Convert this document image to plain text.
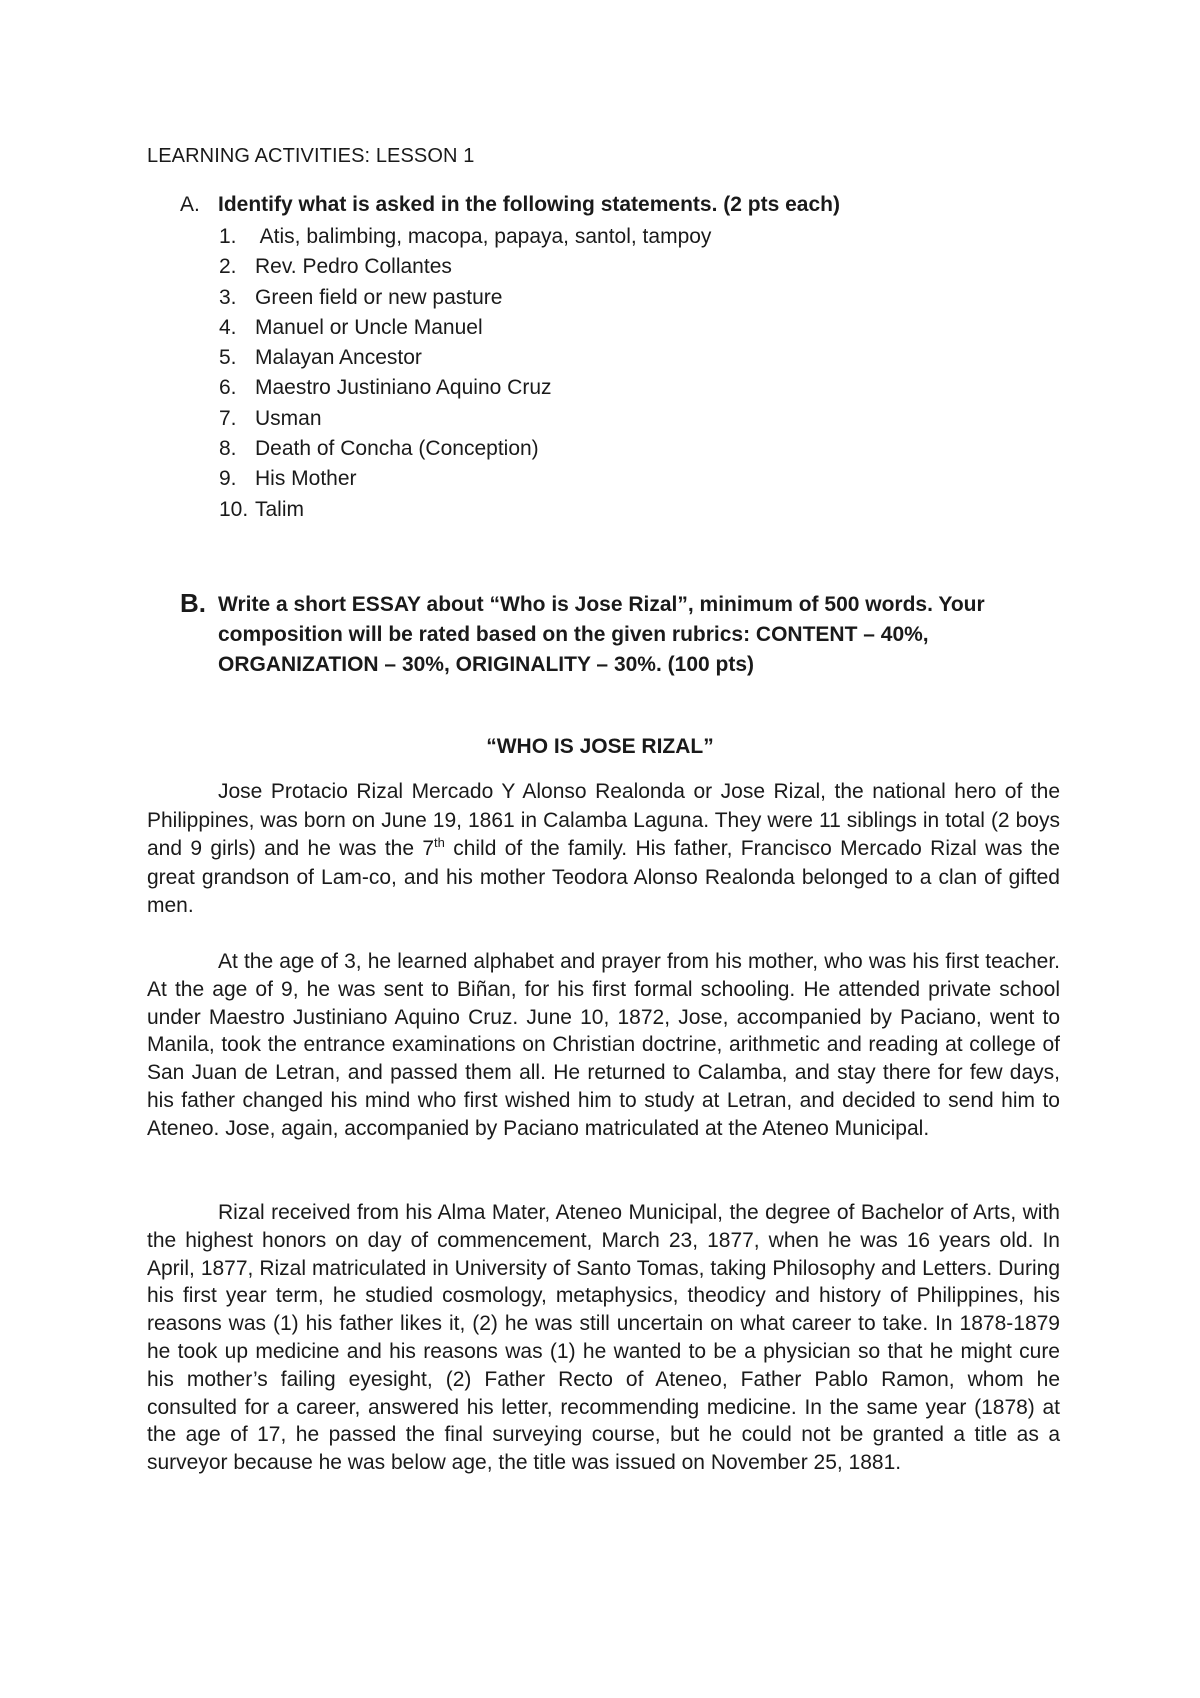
LEARNING ACTIVITIES: LESSON 1
A. Identify what is asked in the following statements. (2 pts each)
1. Atis, balimbing, macopa, papaya, santol, tampoy
2. Rev. Pedro Collantes
3. Green field or new pasture
4. Manuel or Uncle Manuel
5. Malayan Ancestor
6. Maestro Justiniano Aquino Cruz
7. Usman
8. Death of Concha (Conception)
9. His Mother
10. Talim
B. Write a short ESSAY about “Who is Jose Rizal”, minimum of 500 words. Your composition will be rated based on the given rubrics: CONTENT – 40%, ORGANIZATION – 30%, ORIGINALITY – 30%. (100 pts)
“WHO IS JOSE RIZAL”

Jose Protacio Rizal Mercado Y Alonso Realonda or Jose Rizal, the national hero of the Philippines, was born on June 19, 1861 in Calamba Laguna. They were 11 siblings in total (2 boys and 9 girls) and he was the 7th child of the family. His father, Francisco Mercado Rizal was the great grandson of Lam-co, and his mother Teodora Alonso Realonda belonged to a clan of gifted men.

At the age of 3, he learned alphabet and prayer from his mother, who was his first teacher. At the age of 9, he was sent to Biñan, for his first formal schooling. He attended private school under Maestro Justiniano Aquino Cruz. June 10, 1872, Jose, accompanied by Paciano, went to Manila, took the entrance examinations on Christian doctrine, arithmetic and reading at college of San Juan de Letran, and passed them all. He returned to Calamba, and stay there for few days, his father changed his mind who first wished him to study at Letran, and decided to send him to Ateneo. Jose, again, accompanied by Paciano matriculated at the Ateneo Municipal.

Rizal received from his Alma Mater, Ateneo Municipal, the degree of Bachelor of Arts, with the highest honors on day of commencement, March 23, 1877, when he was 16 years old. In April, 1877, Rizal matriculated in University of Santo Tomas, taking Philosophy and Letters. During his first year term, he studied cosmology, metaphysics, theodicy and history of Philippines, his reasons was (1) his father likes it, (2) he was still uncertain on what career to take. In 1878-1879 he took up medicine and his reasons was (1) he wanted to be a physician so that he might cure his mother’s failing eyesight, (2) Father Recto of Ateneo, Father Pablo Ramon, whom he consulted for a career, answered his letter, recommending medicine. In the same year (1878) at the age of 17, he passed the final surveying course, but he could not be granted a title as a surveyor because he was below age, the title was issued on November 25, 1881.
